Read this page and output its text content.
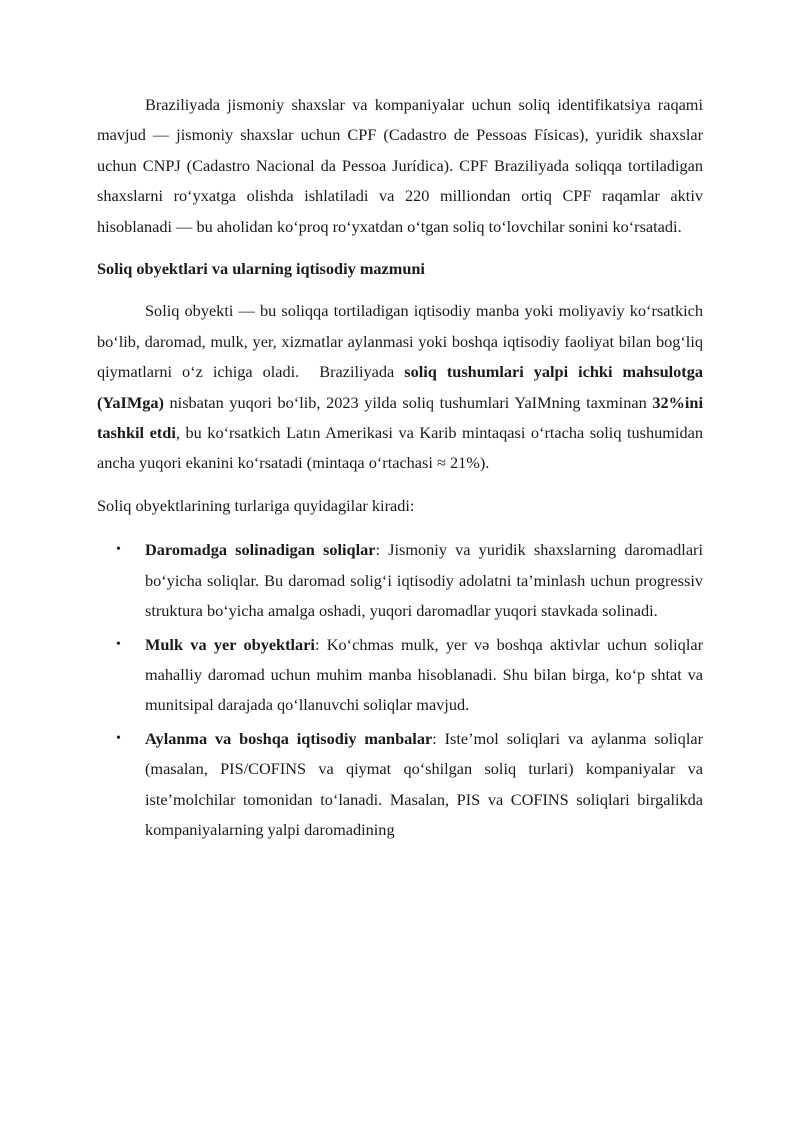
Braziliyada jismoniy shaxslar va kompaniyalar uchun soliq identifikatsiya raqami mavjud — jismoniy shaxslar uchun CPF (Cadastro de Pessoas Físicas), yuridik shaxslar uchun CNPJ (Cadastro Nacional da Pessoa Jurídica). CPF Braziliyada soliqqa tortiladigan shaxslarni ro‘yxatga olishda ishlatiladi va 220 milliondan ortiq CPF raqamlar aktiv hisoblanadi — bu aholidan ko‘proq ro‘yxatdan o‘tgan soliq to‘lovchilar sonini ko‘rsatadi.

Soliq obyektlari va ularning iqtisodiy mazmuni

Soliq obyekti — bu soliqqa tortiladigan iqtisodiy manba yoki moliyaviy ko‘rsatkich bo‘lib, daromad, mulk, yer, xizmatlar aylanmasi yoki boshqa iqtisodiy faoliyat bilan bog‘liq qiymatlarni o‘z ichiga oladi. Braziliyada soliq tushumlari yalpi ichki mahsulotga (YaIMga) nisbatan yuqori bo‘lib, 2023 yilda soliq tushumlari YaIMning taxminan 32%ini tashkil etdi, bu ko‘rsatkich Latın Amerikasi va Karib mintaqasi o‘rtacha soliq tushumidan ancha yuqori ekanini ko‘rsatadi (mintaqa o‘rtachasi ≈ 21%).

Soliq obyektlarining turlariga quyidagilar kiradi:

• Daromadga solinadigan soliqlar: Jismoniy va yuridik shaxslarning daromadlari bo‘yicha soliqlar. Bu daromad solig‘i iqtisodiy adolatni ta’minlash uchun progressiv struktura bo‘yicha amalga oshadi, yuqori daromadlar yuqori stavkada solinadi.
• Mulk va yer obyektlari: Ko‘chmas mulk, yer və boshqa aktivlar uchun soliqlar mahalliy daromad uchun muhim manba hisoblanadi. Shu bilan birga, ko‘p shtat va munitsipal darajada qo‘llanuvchi soliqlar mavjud.
• Aylanma va boshqa iqtisodiy manbalar: Iste’mol soliqlari va aylanma soliqlar (masalan, PIS/COFINS va qiymat qo‘shilgan soliq turlari) kompaniyalar va iste’molchilar tomonidan to‘lanadi. Masalan, PIS va COFINS soliqlari birgalikda kompaniyalarning yalpi daromadining
